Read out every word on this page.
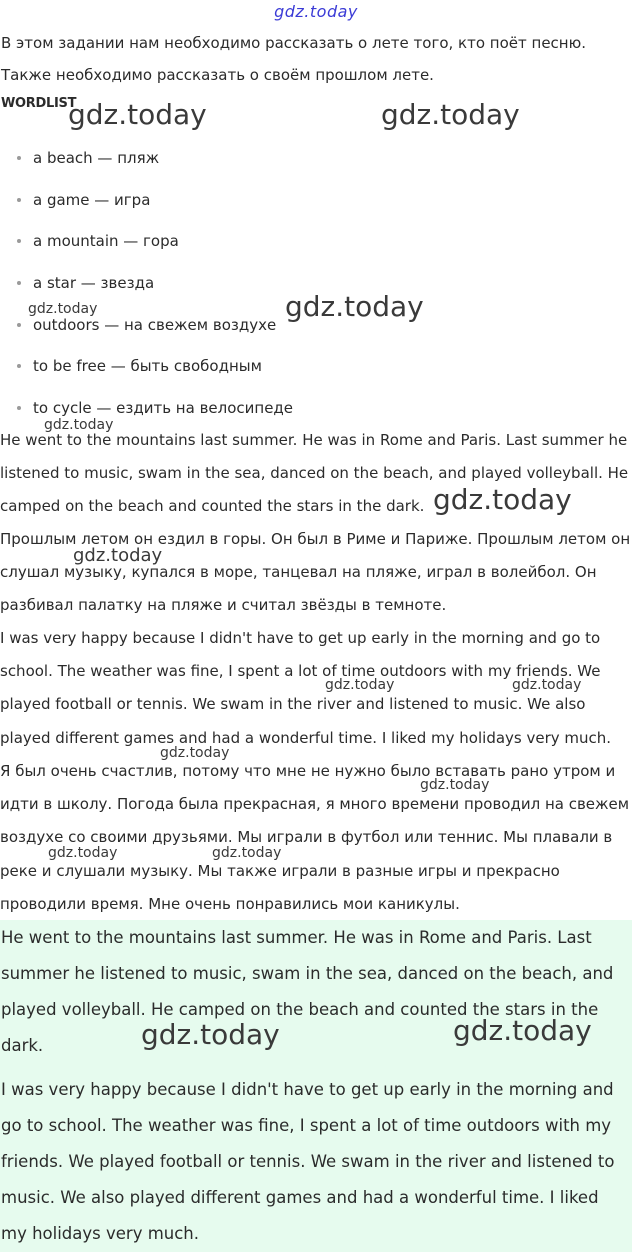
gdz.today

В этом задании нам необходимо рассказать о лете того, кто поёт песню. Также необходимо рассказать о своём прошлом лете.

WORDLIST
a beach — пляж
a game — игра
a mountain — гора
a star — звезда
outdoors — на свежем воздухе
to be free — быть свободным
to cycle — ездить на велосипеде

He went to the mountains last summer. He was in Rome and Paris. Last summer he listened to music, swam in the sea, danced on the beach, and played volleyball. He camped on the beach and counted the stars in the dark.

Прошлым летом он ездил в горы. Он был в Риме и Париже. Прошлым летом он слушал музыку, купался в море, танцевал на пляже, играл в волейбол. Он разбивал палатку на пляже и считал звёзды в темноте.

I was very happy because I didn't have to get up early in the morning and go to school. The weather was fine, I spent a lot of time outdoors with my friends. We played football or tennis. We swam in the river and listened to music. We also played different games and had a wonderful time. I liked my holidays very much.

Я был очень счастлив, потому что мне не нужно было вставать рано утром и идти в школу. Погода была прекрасная, я много времени проводил на свежем воздухе со своими друзьями. Мы играли в футбол или теннис. Мы плавали в реке и слушали музыку. Мы также играли в разные игры и прекрасно проводили время. Мне очень понравились мои каникулы.

He went to the mountains last summer. He was in Rome and Paris. Last summer he listened to music, swam in the sea, danced on the beach, and played volleyball. He camped on the beach and counted the stars in the dark.

I was very happy because I didn't have to get up early in the morning and go to school. The weather was fine, I spent a lot of time outdoors with my friends. We played football or tennis. We swam in the river and listened to music. We also played different games and had a wonderful time. I liked my holidays very much.

gdz.today	gdz.today
gdz.today	gdz.today
gdz.today
gdz.today
gdz.today
gdz.today	gdz.today
gdz.today
gdz.today
gdz.today	gdz.today
gdz.today	gdz.today
